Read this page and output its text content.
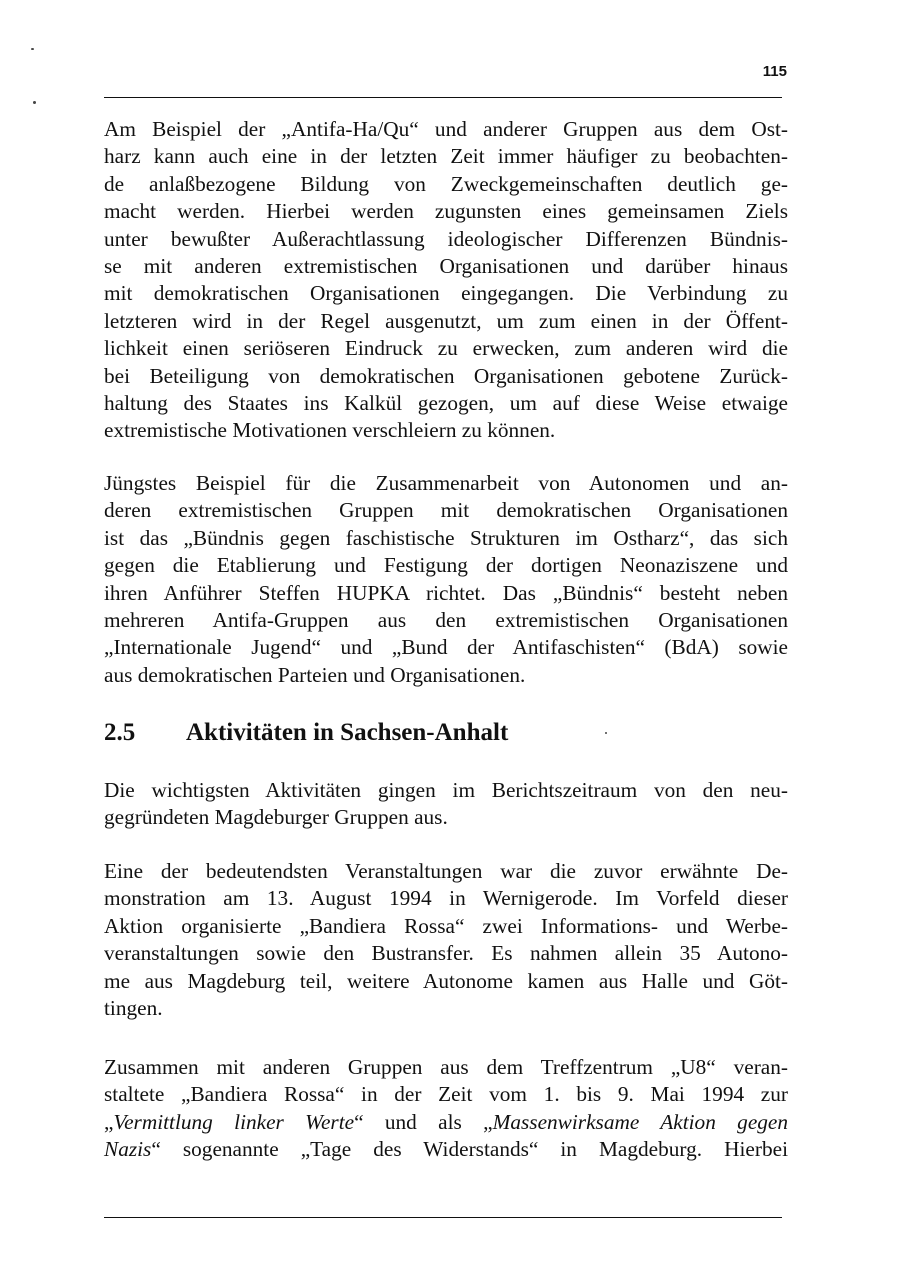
115
Am Beispiel der „Antifa-Ha/Qu“ und anderer Gruppen aus dem Ost-
harz kann auch eine in der letzten Zeit immer häufiger zu beobachten-
de anlaßbezogene Bildung von Zweckgemeinschaften deutlich ge-
macht werden. Hierbei werden zugunsten eines gemeinsamen Ziels
unter bewußter Außerachtlassung ideologischer Differenzen Bündnis-
se mit anderen extremistischen Organisationen und darüber hinaus
mit demokratischen Organisationen eingegangen. Die Verbindung zu
letzteren wird in der Regel ausgenutzt, um zum einen in der Öffent-
lichkeit einen seriöseren Eindruck zu erwecken, zum anderen wird die
bei Beteiligung von demokratischen Organisationen gebotene Zurück-
haltung des Staates ins Kalkül gezogen, um auf diese Weise etwaige
extremistische Motivationen verschleiern zu können.
Jüngstes Beispiel für die Zusammenarbeit von Autonomen und an-
deren extremistischen Gruppen mit demokratischen Organisationen
ist das „Bündnis gegen faschistische Strukturen im Ostharz“, das sich
gegen die Etablierung und Festigung der dortigen Neonaziszene und
ihren Anführer Steffen HUPKA richtet. Das „Bündnis“ besteht neben
mehreren Antifa-Gruppen aus den extremistischen Organisationen
„Internationale Jugend“ und „Bund der Antifaschisten“ (BdA) sowie
aus demokratischen Parteien und Organisationen.
2.5 Aktivitäten in Sachsen-Anhalt
Die wichtigsten Aktivitäten gingen im Berichtszeitraum von den neu-
gegründeten Magdeburger Gruppen aus.
Eine der bedeutendsten Veranstaltungen war die zuvor erwähnte De-
monstration am 13. August 1994 in Wernigerode. Im Vorfeld dieser
Aktion organisierte „Bandiera Rossa“ zwei Informations- und Werbe-
veranstaltungen sowie den Bustransfer. Es nahmen allein 35 Autono-
me aus Magdeburg teil, weitere Autonome kamen aus Halle und Göt-
tingen.
Zusammen mit anderen Gruppen aus dem Treffzentrum „U8“ veran-
staltete „Bandiera Rossa“ in der Zeit vom 1. bis 9. Mai 1994 zur
„Vermittlung linker Werte“ und als „Massenwirksame Aktion gegen
Nazis“ sogenannte „Tage des Widerstands“ in Magdeburg. Hierbei
